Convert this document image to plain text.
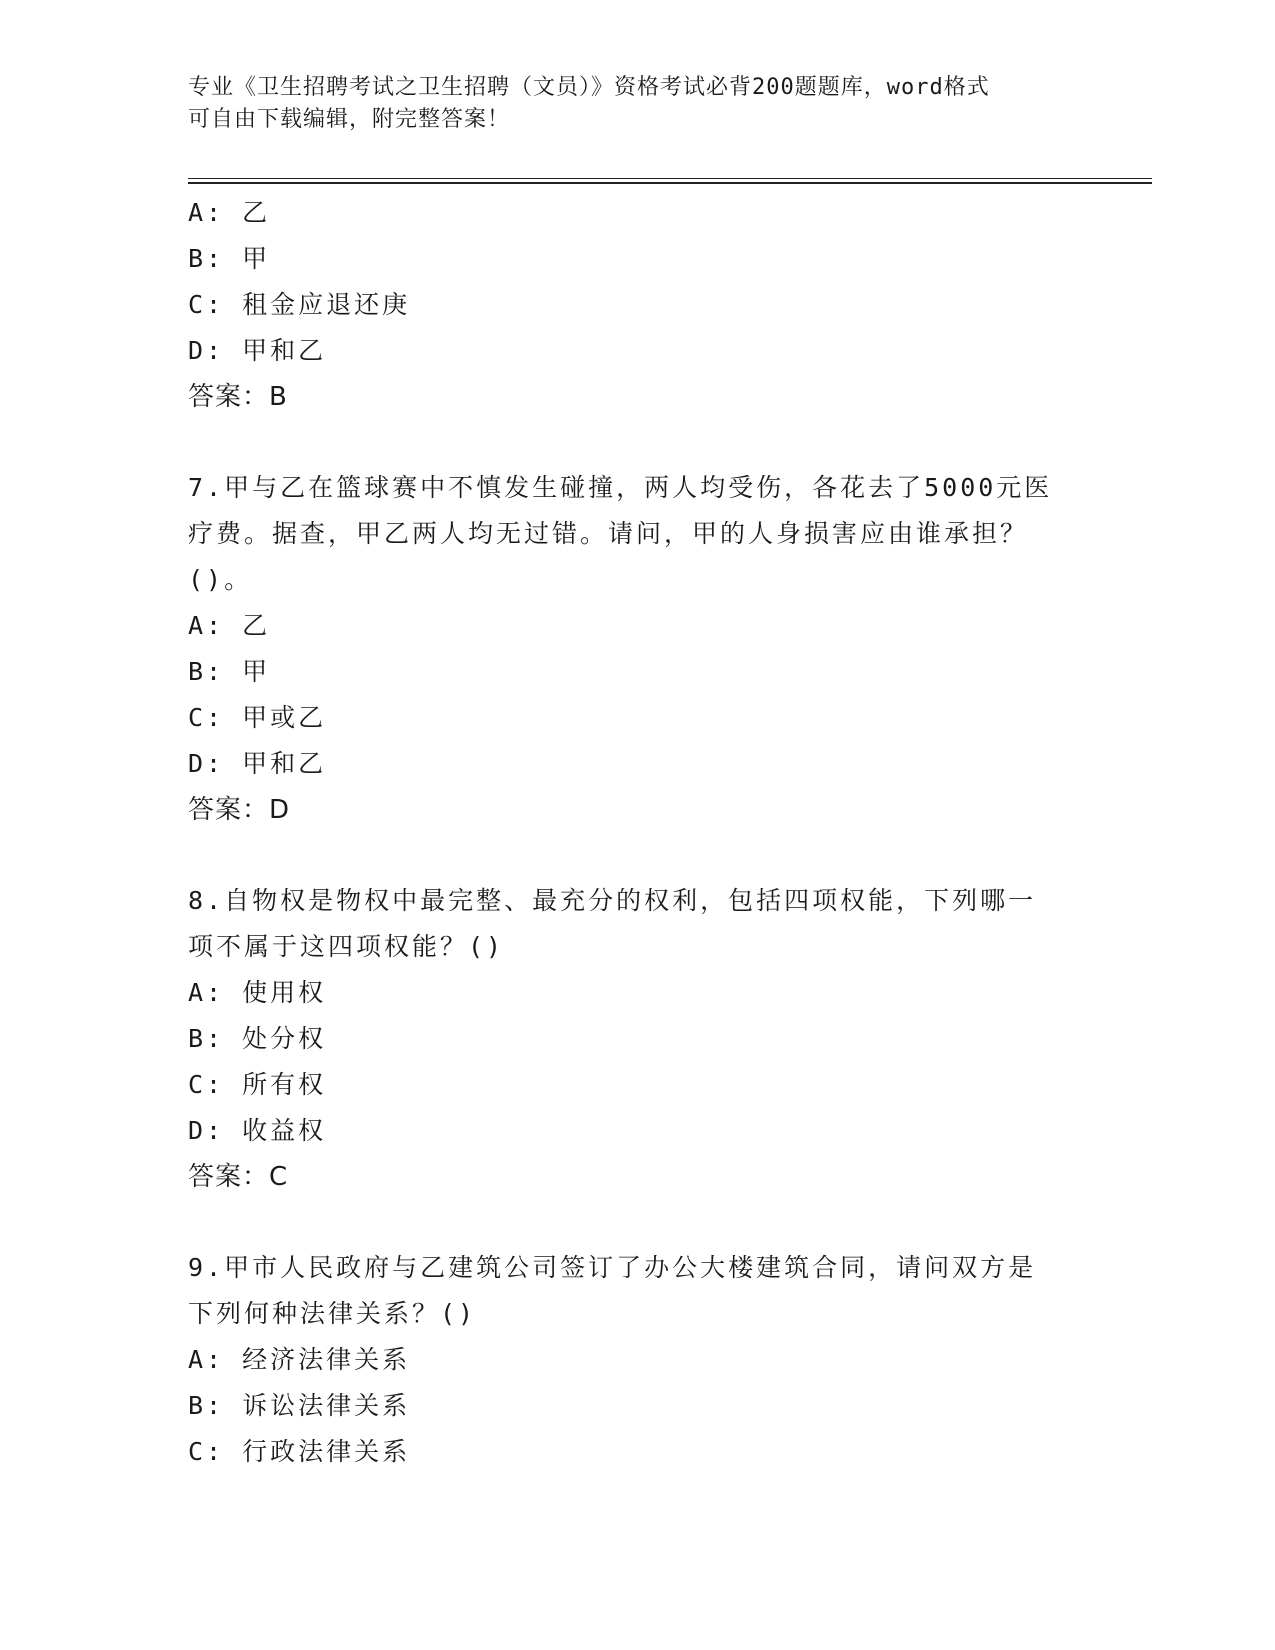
专业《卫生招聘考试之卫生招聘（文员）》资格考试必背200题题库，word格式
可自由下载编辑，附完整答案！
A: 乙
B: 甲
C: 租金应退还庚
D: 甲和乙
答案：B
7.甲与乙在篮球赛中不慎发生碰撞，两人均受伤，各花去了5000元医
疗费。据查，甲乙两人均无过错。请问，甲的人身损害应由谁承担？
()。
A: 乙
B: 甲
C: 甲或乙
D: 甲和乙
答案：D
8.自物权是物权中最完整、最充分的权利，包括四项权能，下列哪一
项不属于这四项权能？()
A: 使用权
B: 处分权
C: 所有权
D: 收益权
答案：C
9.甲市人民政府与乙建筑公司签订了办公大楼建筑合同，请问双方是
下列何种法律关系？()
A: 经济法律关系
B: 诉讼法律关系
C: 行政法律关系
